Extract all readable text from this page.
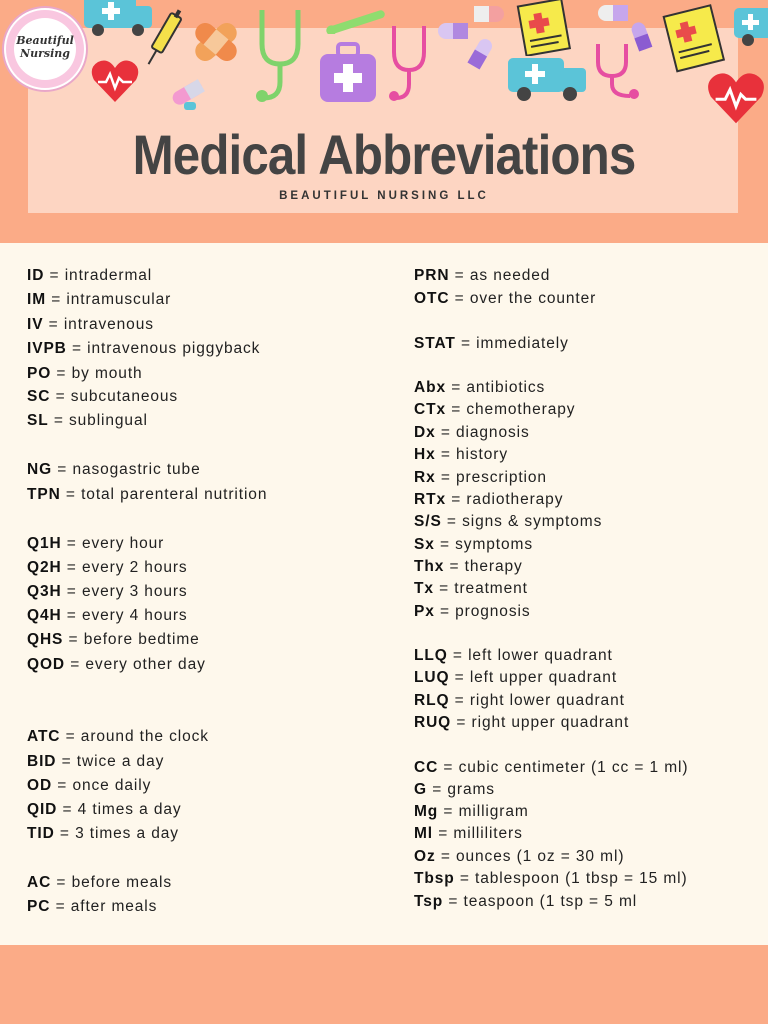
Beautiful
Nursing
Medical Abbreviations
BEAUTIFUL NURSING LLC
ID = intradermal
IM = intramuscular
IV = intravenous
IVPB = intravenous piggyback
PO = by mouth
SC = subcutaneous
SL = sublingual
NG = nasogastric tube
TPN = total parenteral nutrition
Q1H = every hour
Q2H = every 2 hours
Q3H = every 3 hours
Q4H = every 4 hours
QHS = before bedtime
QOD = every other day
ATC = around the clock
BID = twice a day
OD = once daily
QID = 4 times a day
TID = 3 times a day
AC = before meals
PC = after meals
PRN = as needed
OTC = over the counter
STAT = immediately
Abx = antibiotics
CTx = chemotherapy
Dx = diagnosis
Hx = history
Rx = prescription
RTx = radiotherapy
S/S = signs & symptoms
Sx = symptoms
Thx = therapy
Tx = treatment
Px = prognosis
LLQ = left lower quadrant
LUQ = left upper quadrant
RLQ = right lower quadrant
RUQ = right upper quadrant
CC = cubic centimeter (1 cc = 1 ml)
G = grams
Mg = milligram
Ml = milliliters
Oz = ounces (1 oz = 30 ml)
Tbsp = tablespoon (1 tbsp = 15 ml)
Tsp = teaspoon (1 tsp = 5 ml
